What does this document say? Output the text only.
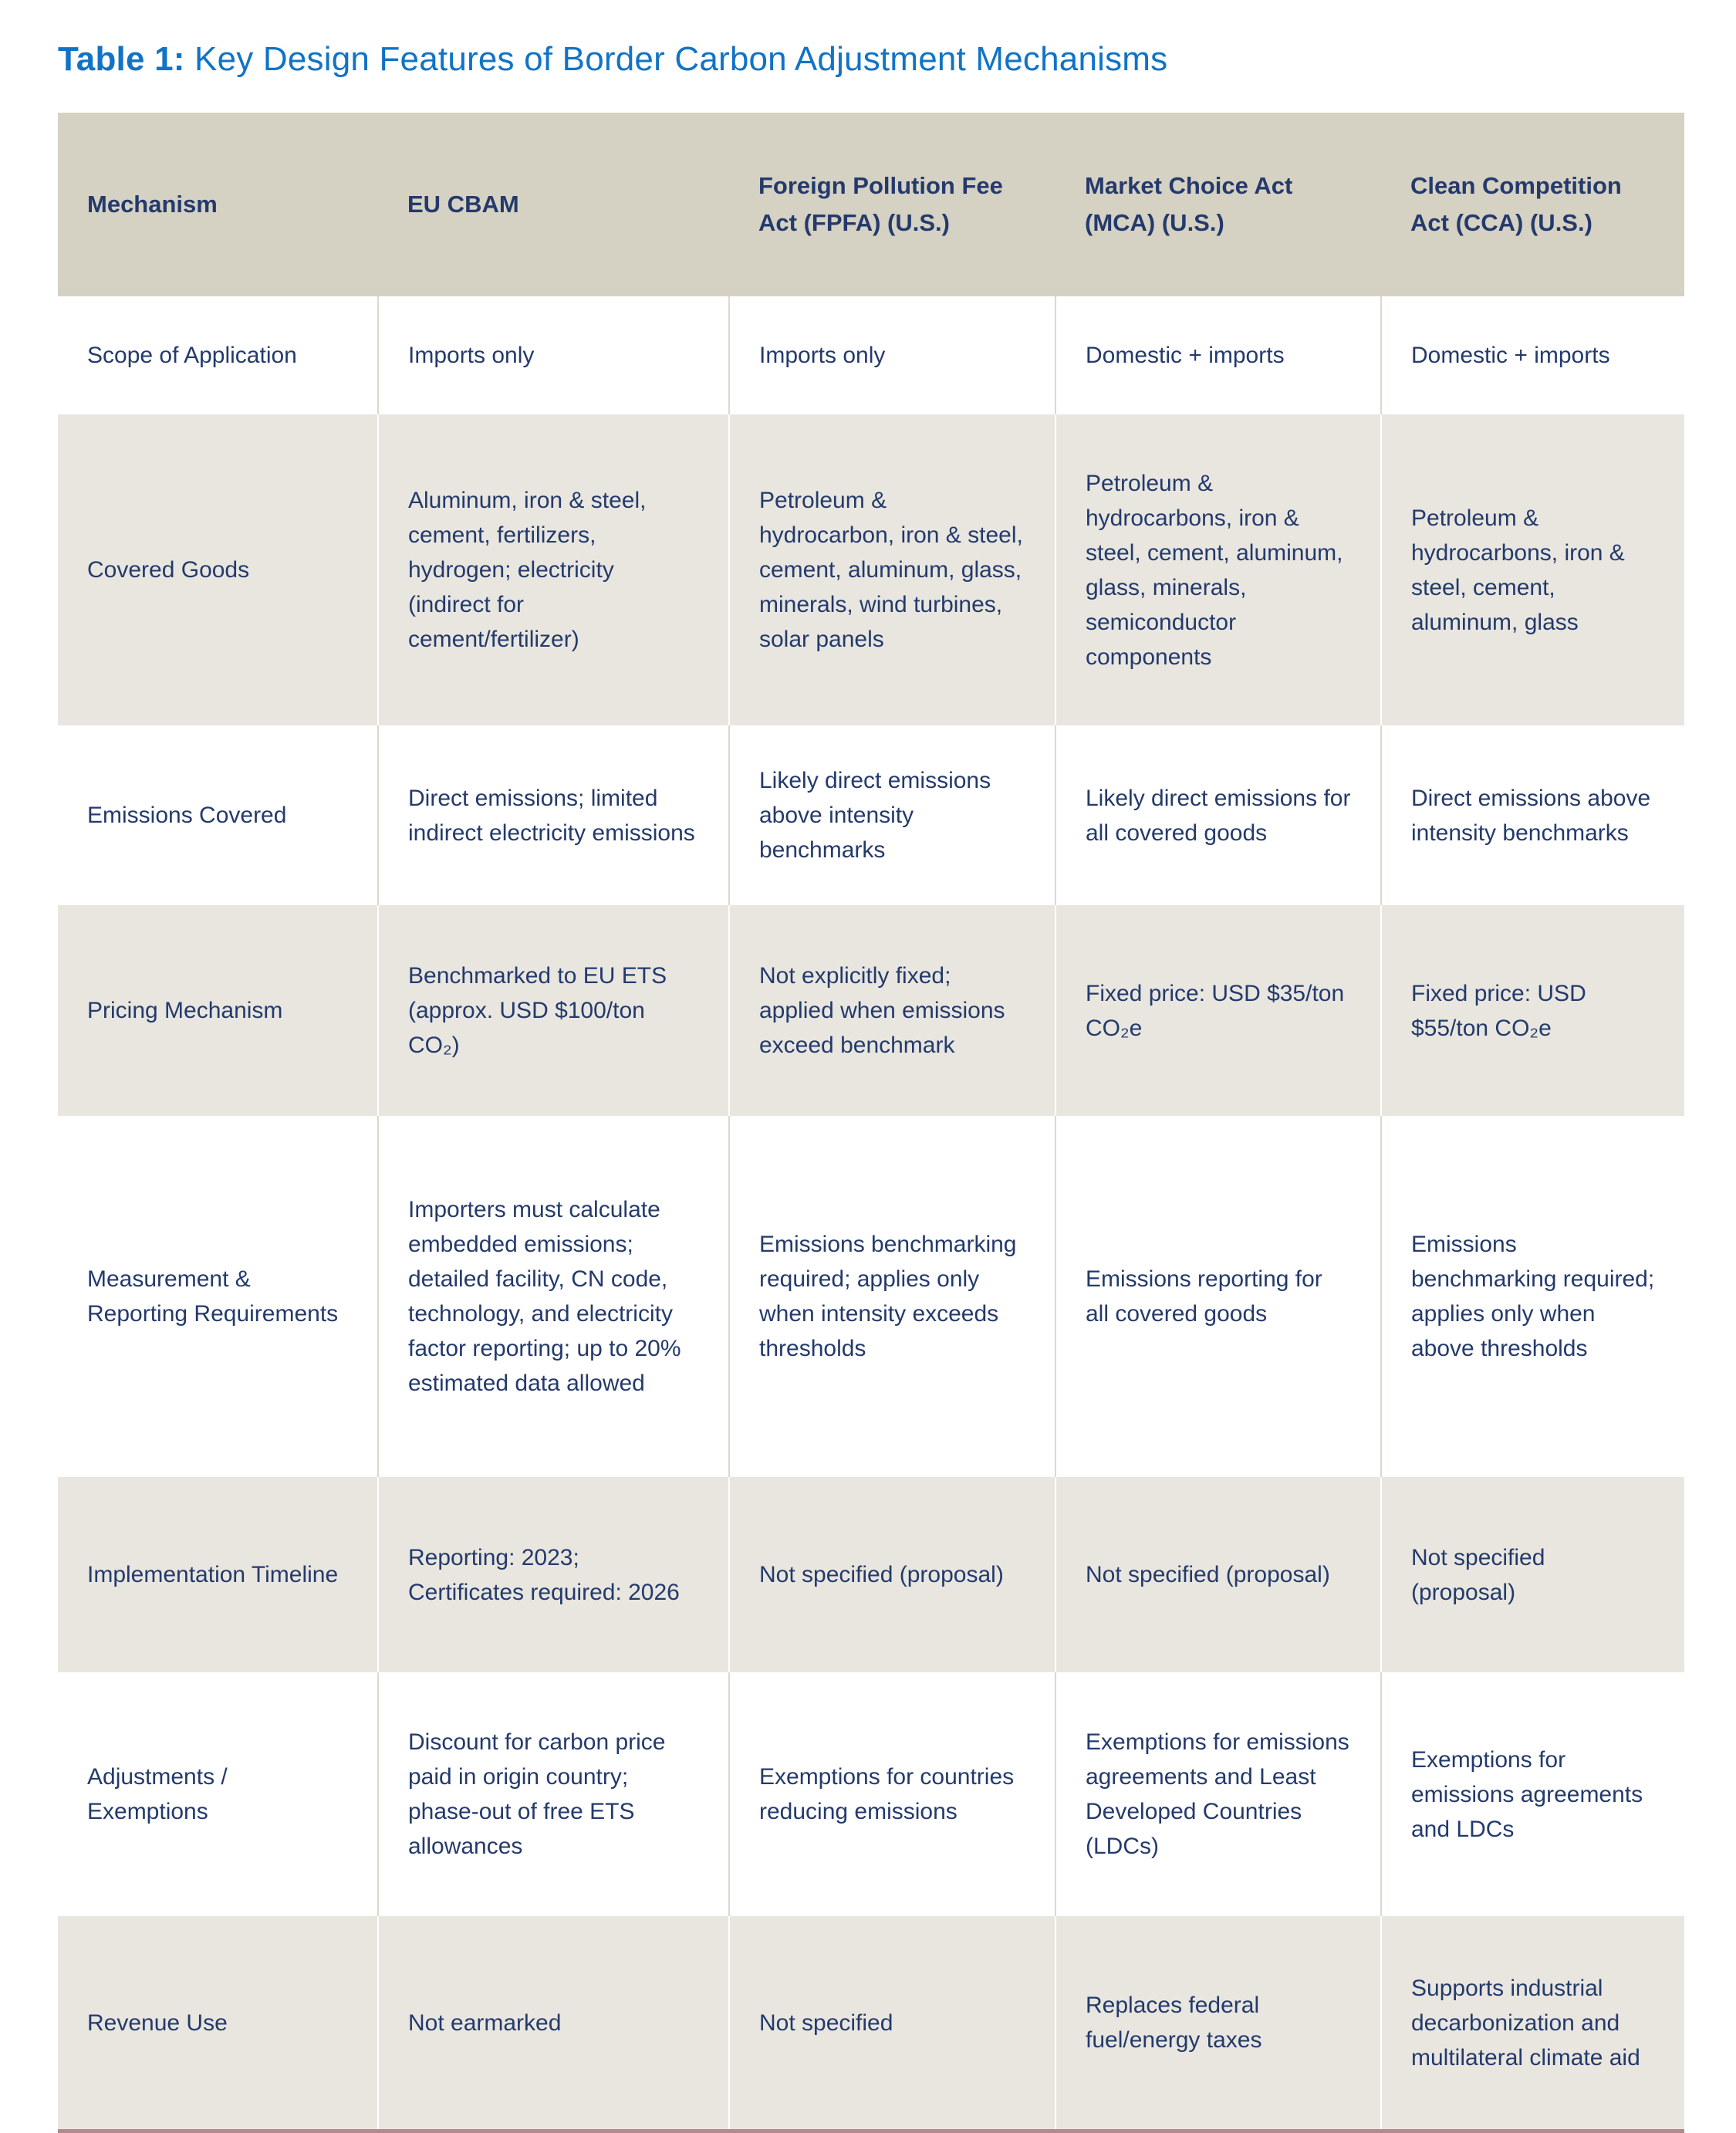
Table 1: Key Design Features of Border Carbon Adjustment Mechanisms
Mechanism	EU CBAM	Foreign Pollution Fee Act (FPFA) (U.S.)	Market Choice Act (MCA) (U.S.)	Clean Competition Act (CCA) (U.S.)
Scope of Application	Imports only	Imports only	Domestic + imports	Domestic + imports
Covered Goods	Aluminum, iron & steel, cement, fertilizers, hydrogen; electricity (indirect for cement/fertilizer)	Petroleum & hydrocarbon, iron & steel, cement, aluminum, glass, minerals, wind turbines, solar panels	Petroleum & hydrocarbons, iron & steel, cement, aluminum, glass, minerals, semiconductor components	Petroleum & hydrocarbons, iron & steel, cement, aluminum, glass
Emissions Covered	Direct emissions; limited indirect electricity emissions	Likely direct emissions above intensity benchmarks	Likely direct emissions for all covered goods	Direct emissions above intensity benchmarks
Pricing Mechanism	Benchmarked to EU ETS (approx. USD $100/ton CO₂)	Not explicitly fixed; applied when emissions exceed benchmark	Fixed price: USD $35/ton CO₂e	Fixed price: USD $55/ton CO₂e
Measurement & Reporting Requirements	Importers must calculate embedded emissions; detailed facility, CN code, technology, and electricity factor reporting; up to 20% estimated data allowed	Emissions benchmarking required; applies only when intensity exceeds thresholds	Emissions reporting for all covered goods	Emissions benchmarking required; applies only when above thresholds
Implementation Timeline	Reporting: 2023; Certificates required: 2026	Not specified (proposal)	Not specified (proposal)	Not specified (proposal)
Adjustments / Exemptions	Discount for carbon price paid in origin country; phase-out of free ETS allowances	Exemptions for countries reducing emissions	Exemptions for emissions agreements and Least Developed Countries (LDCs)	Exemptions for emissions agreements and LDCs
Revenue Use	Not earmarked	Not specified	Replaces federal fuel/energy taxes	Supports industrial decarbonization and multilateral climate aid
